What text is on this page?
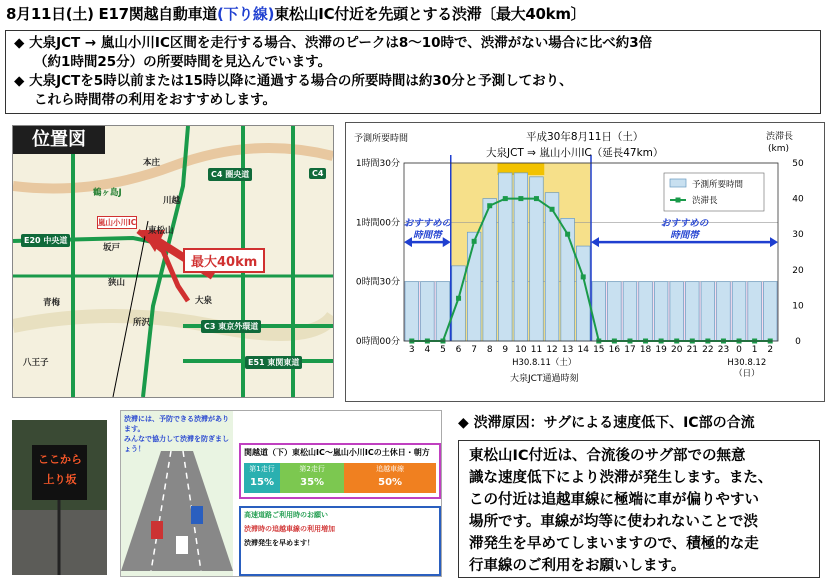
8月11日(土) E17関越自動車道(下り線)東松山IC付近を先頭とする渋滞〔最大40km〕
◆ 大泉JCT → 嵐山小川IC区間を走行する場合、渋滞のピークは8～10時で、渋滞がない場合に比べ約3倍
（約1時間25分）の所要時間を見込んでいます。
◆ 大泉JCTを5時以前または15時以降に通過する場合の所要時間は約30分と予測しており、
これら時間帯の利用をおすすめします。
位置図
C4 圏央道
E20 中央道
C3 東京外環道
E51 東関東道
C4
東松山
嵐山小川IC
大泉
青梅
八王子
狭山
川越
所沢
本庄
坂戸
鶴ヶ島J
最大40km
おすすめの
時間帯
おすすめの
時間帯
予測所要時間	渋滞長
(km)
平成30年8月11日（土）
大泉JCT ⇒ 嵐山小川IC（延長47km）
1時間30分
1時間00分
0時間30分
0時間00分
50
40
30
20
10
0
3 4 5 6 7 8 9 10 11 12 13 14 15 16 17 18 19 20 21 22 23 0 1 2
H30.8.11（土）	H30.8.12
（日）
大泉JCT通過時刻
予測所要時間
渋滞長
ここから
上り坂
渋滞には、予防できる渋滞があります。
みんなで協力して渋滞を防ぎましょう！	関越道（下）東松山IC～嵐山小川ICの土休日・朝方
第1走行
15%
第2走行
35%
追越車線
50%
高速道路ご利用時のお願い
渋滞時の追越車線の利用増加
渋滞発生を早めます！
◆ 渋滞原因：サグによる速度低下、IC部の合流
東松山IC付近は、合流後のサグ部での無意
識な速度低下により渋滞が発生します。また、
この付近は追越車線に極端に車が偏りやすい
場所です。車線が均等に使われないことで渋
滞発生を早めてしまいますので、積極的な走
行車線のご利用をお願いします。
